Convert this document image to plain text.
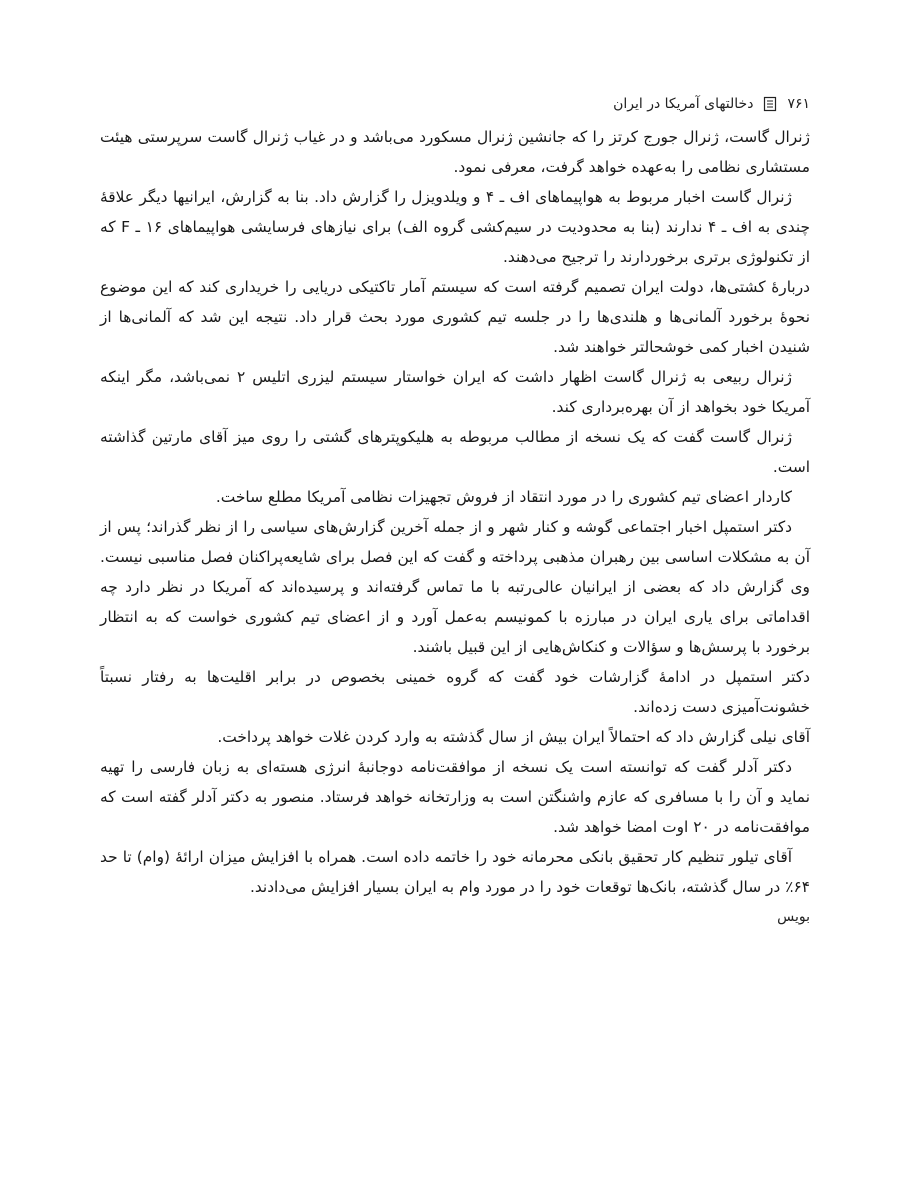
۷۶۱
دخالتهای آمریکا در ایران

ژنرال گاست، ژنرال جورج کرتز را که جانشین ژنرال مسکورد می‌باشد و در غیاب ژنرال گاست سرپرستی هیئت مستشاری نظامی را به‌عهده خواهد گرفت، معرفی نمود.

ژنرال گاست اخبار مربوط به هواپیماهای اف ـ ۴ و ویلدویزل را گزارش داد. بنا به گزارش، ایرانیها دیگر علاقهٔ چندی به اف ـ ۴ ندارند (بنا به محدودیت در سیم‌کشی گروه الف) برای نیازهای فرسایشی هواپیماهای ۱۶ ـ F که از تکنولوژی برتری برخوردارند را ترجیح می‌دهند.

دربارهٔ کشتی‌ها، دولت ایران تصمیم گرفته است که سیستم آمار تاکتیکی دریایی را خریداری کند که این موضوع نحوهٔ برخورد آلمانی‌ها و هلندی‌ها را در جلسه تیم کشوری مورد بحث قرار داد. نتیجه این شد که آلمانی‌ها از شنیدن اخبار کمی خوشحالتر خواهند شد.

ژنرال ربیعی به ژنرال گاست اظهار داشت که ایران خواستار سیستم لیزری اتلیس ۲ نمی‌باشد، مگر اینکه آمریکا خود بخواهد از آن بهره‌برداری کند.

ژنرال گاست گفت که یک نسخه از مطالب مربوطه به هلیکوپترهای گشتی را روی میز آقای مارتین گذاشته است.

کاردار اعضای تیم کشوری را در مورد انتقاد از فروش تجهیزات نظامی آمریکا مطلع ساخت.

دکتر استمپل اخبار اجتماعی گوشه و کنار شهر و از جمله آخرین گزارش‌های سیاسی را از نظر گذراند؛ پس از آن به مشکلات اساسی بین رهبران مذهبی پرداخته و گفت که این فصل برای شایعه‌پراکنان فصل مناسبی نیست. وی گزارش داد که بعضی از ایرانیان عالی‌رتبه با ما تماس گرفته‌اند و پرسیده‌اند که آمریکا در نظر دارد چه اقداماتی برای یاری ایران در مبارزه با کمونیسم به‌عمل آورد و از اعضای تیم کشوری خواست که به انتظار برخورد با پرسش‌ها و سؤالات و کنکاش‌هایی از این قبیل باشند.

دکتر استمپل در ادامهٔ گزارشات خود گفت که گروه خمینی بخصوص در برابر اقلیت‌ها به رفتار نسبتاً خشونت‌آمیزی دست زده‌اند.

آقای نیلی گزارش داد که احتمالاً ایران بیش از سال گذشته به وارد کردن غلات خواهد پرداخت.

دکتر آدلر گفت که توانسته است یک نسخه از موافقت‌نامه دوجانبهٔ انرژی هسته‌ای به زبان فارسی را تهیه نماید و آن را با مسافری که عازم واشنگتن است به وزارتخانه خواهد فرستاد. منصور به دکتر آدلر گفته است که موافقت‌نامه در ۲۰ اوت امضا خواهد شد.

آقای تیلور تنظیم کار تحقیق بانکی محرمانه خود را خاتمه داده است. همراه با افزایش میزان ارائهٔ (وام) تا حد ۶۴٪ در سال گذشته، بانک‌ها توقعات خود را در مورد وام به ایران بسیار افزایش می‌دادند.

بویس
